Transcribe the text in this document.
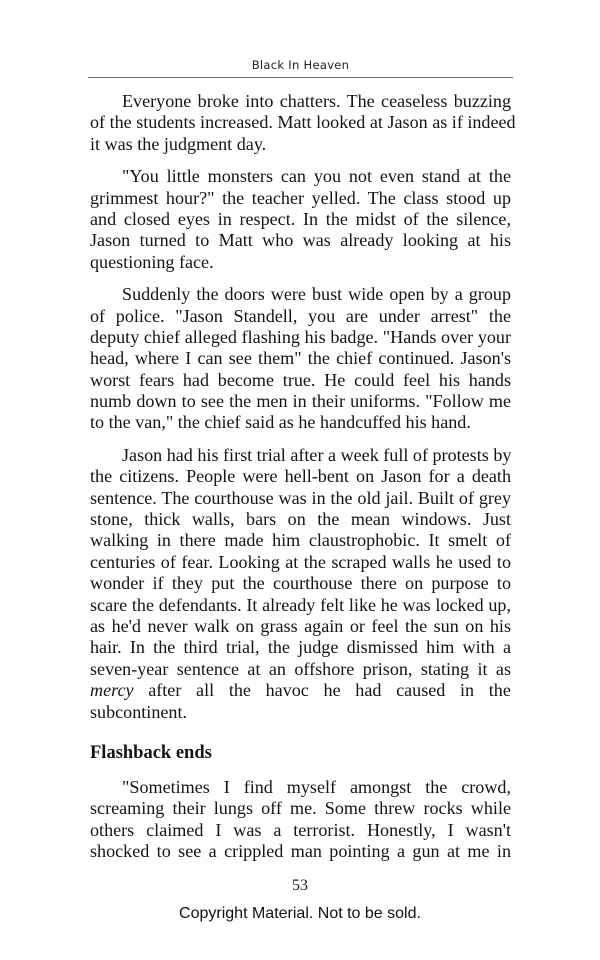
Black In Heaven
Everyone broke into chatters. The ceaseless buzzing
of the students increased. Matt looked at Jason as if indeed
it was the judgment day.
"You little monsters can you not even stand at the
grimmest hour?" the teacher yelled. The class stood up
and closed eyes in respect. In the midst of the silence,
Jason turned to Matt who was already looking at his
questioning face.
Suddenly the doors were bust wide open by a group
of police. "Jason Standell, you are under arrest" the
deputy chief alleged flashing his badge. "Hands over your
head, where I can see them" the chief continued. Jason's
worst fears had become true. He could feel his hands
numb down to see the men in their uniforms. "Follow me
to the van," the chief said as he handcuffed his hand.
Jason had his first trial after a week full of protests by
the citizens. People were hell-bent on Jason for a death
sentence. The courthouse was in the old jail. Built of grey
stone, thick walls, bars on the mean windows. Just
walking in there made him claustrophobic. It smelt of
centuries of fear. Looking at the scraped walls he used to
wonder if they put the courthouse there on purpose to
scare the defendants. It already felt like he was locked up,
as he'd never walk on grass again or feel the sun on his
hair. In the third trial, the judge dismissed him with a
seven-year sentence at an offshore prison, stating it as
mercy after all the havoc he had caused in the
subcontinent.
Flashback ends
"Sometimes I find myself amongst the crowd,
screaming their lungs off me. Some threw rocks while
others claimed I was a terrorist. Honestly, I wasn't
shocked to see a crippled man pointing a gun at me in
53
Copyright Material. Not to be sold.
